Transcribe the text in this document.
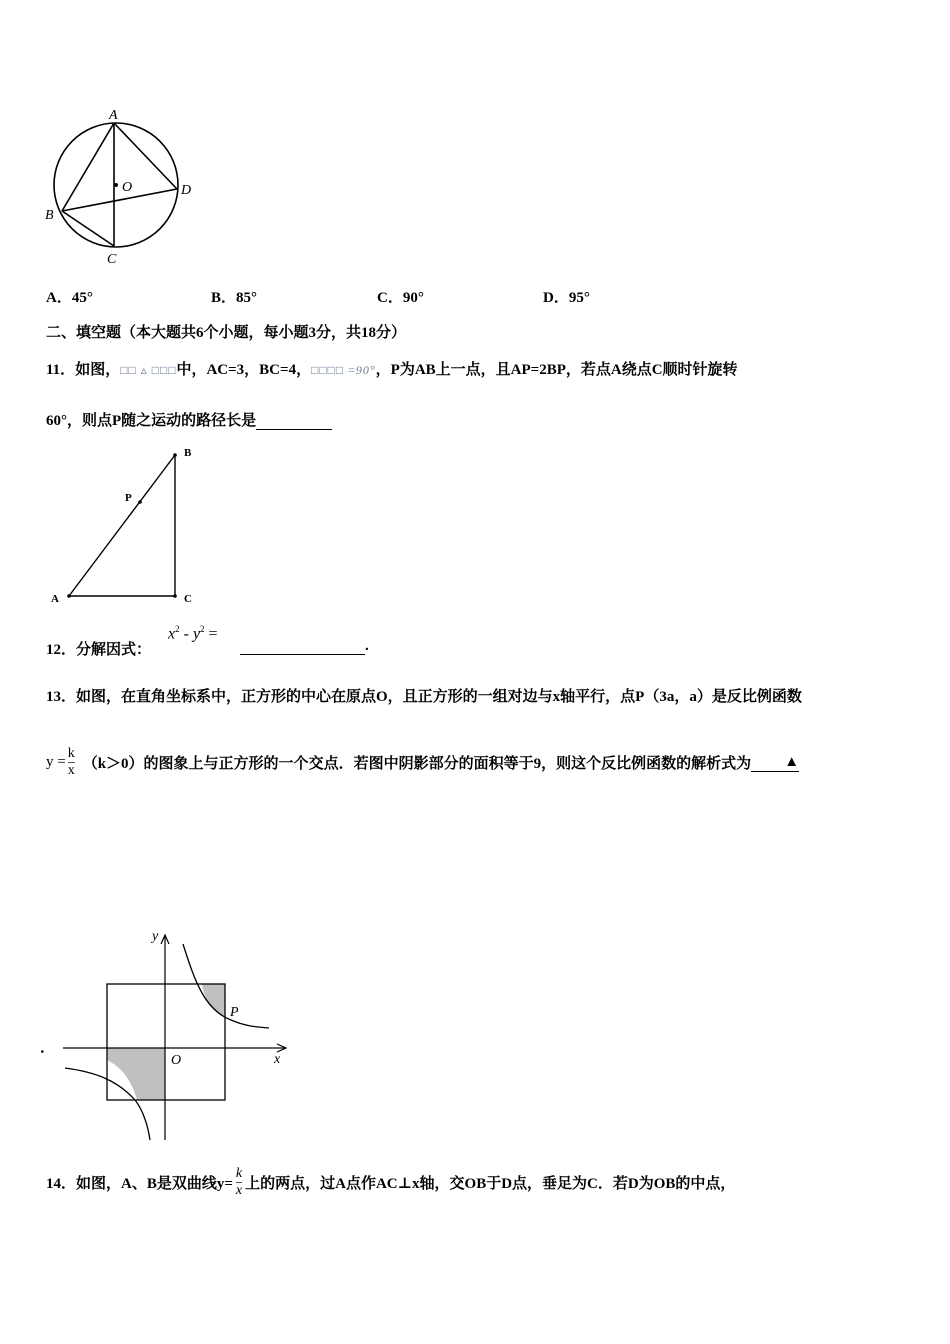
A
B
C
D
O
A．45°	B．85°	C．90°	D．95°
二、填空题（本大题共6个小题，每小题3分，共18分）
11．如图，□□ ▵ □□□中，AC=3，BC=4，□□□□ =90°，P为AB上一点，且AP=2BP，若点A绕点C顺时针旋转
60°，则点P随之运动的路径长是
A
B
C
P
12．分解因式：
$x^2 - y^2$ =
.
13．如图，在直角坐标系中，正方形的中心在原点O，且正方形的一组对边与x轴平行，点P（3a，a）是反比例函数
$y = \frac{k}{x} (k>0)$的图象上与正方形的一个交点．若图中阴影部分的面积等于9，则这个反比例函数的解析式为	▲
．
y
x
O
P
14． 如图，A、B是双曲线$y= \frac{k}{x}$ 上的两点，过A点作AC⊥x轴，交OB于D点，垂足为C．若D为OB的中点，
